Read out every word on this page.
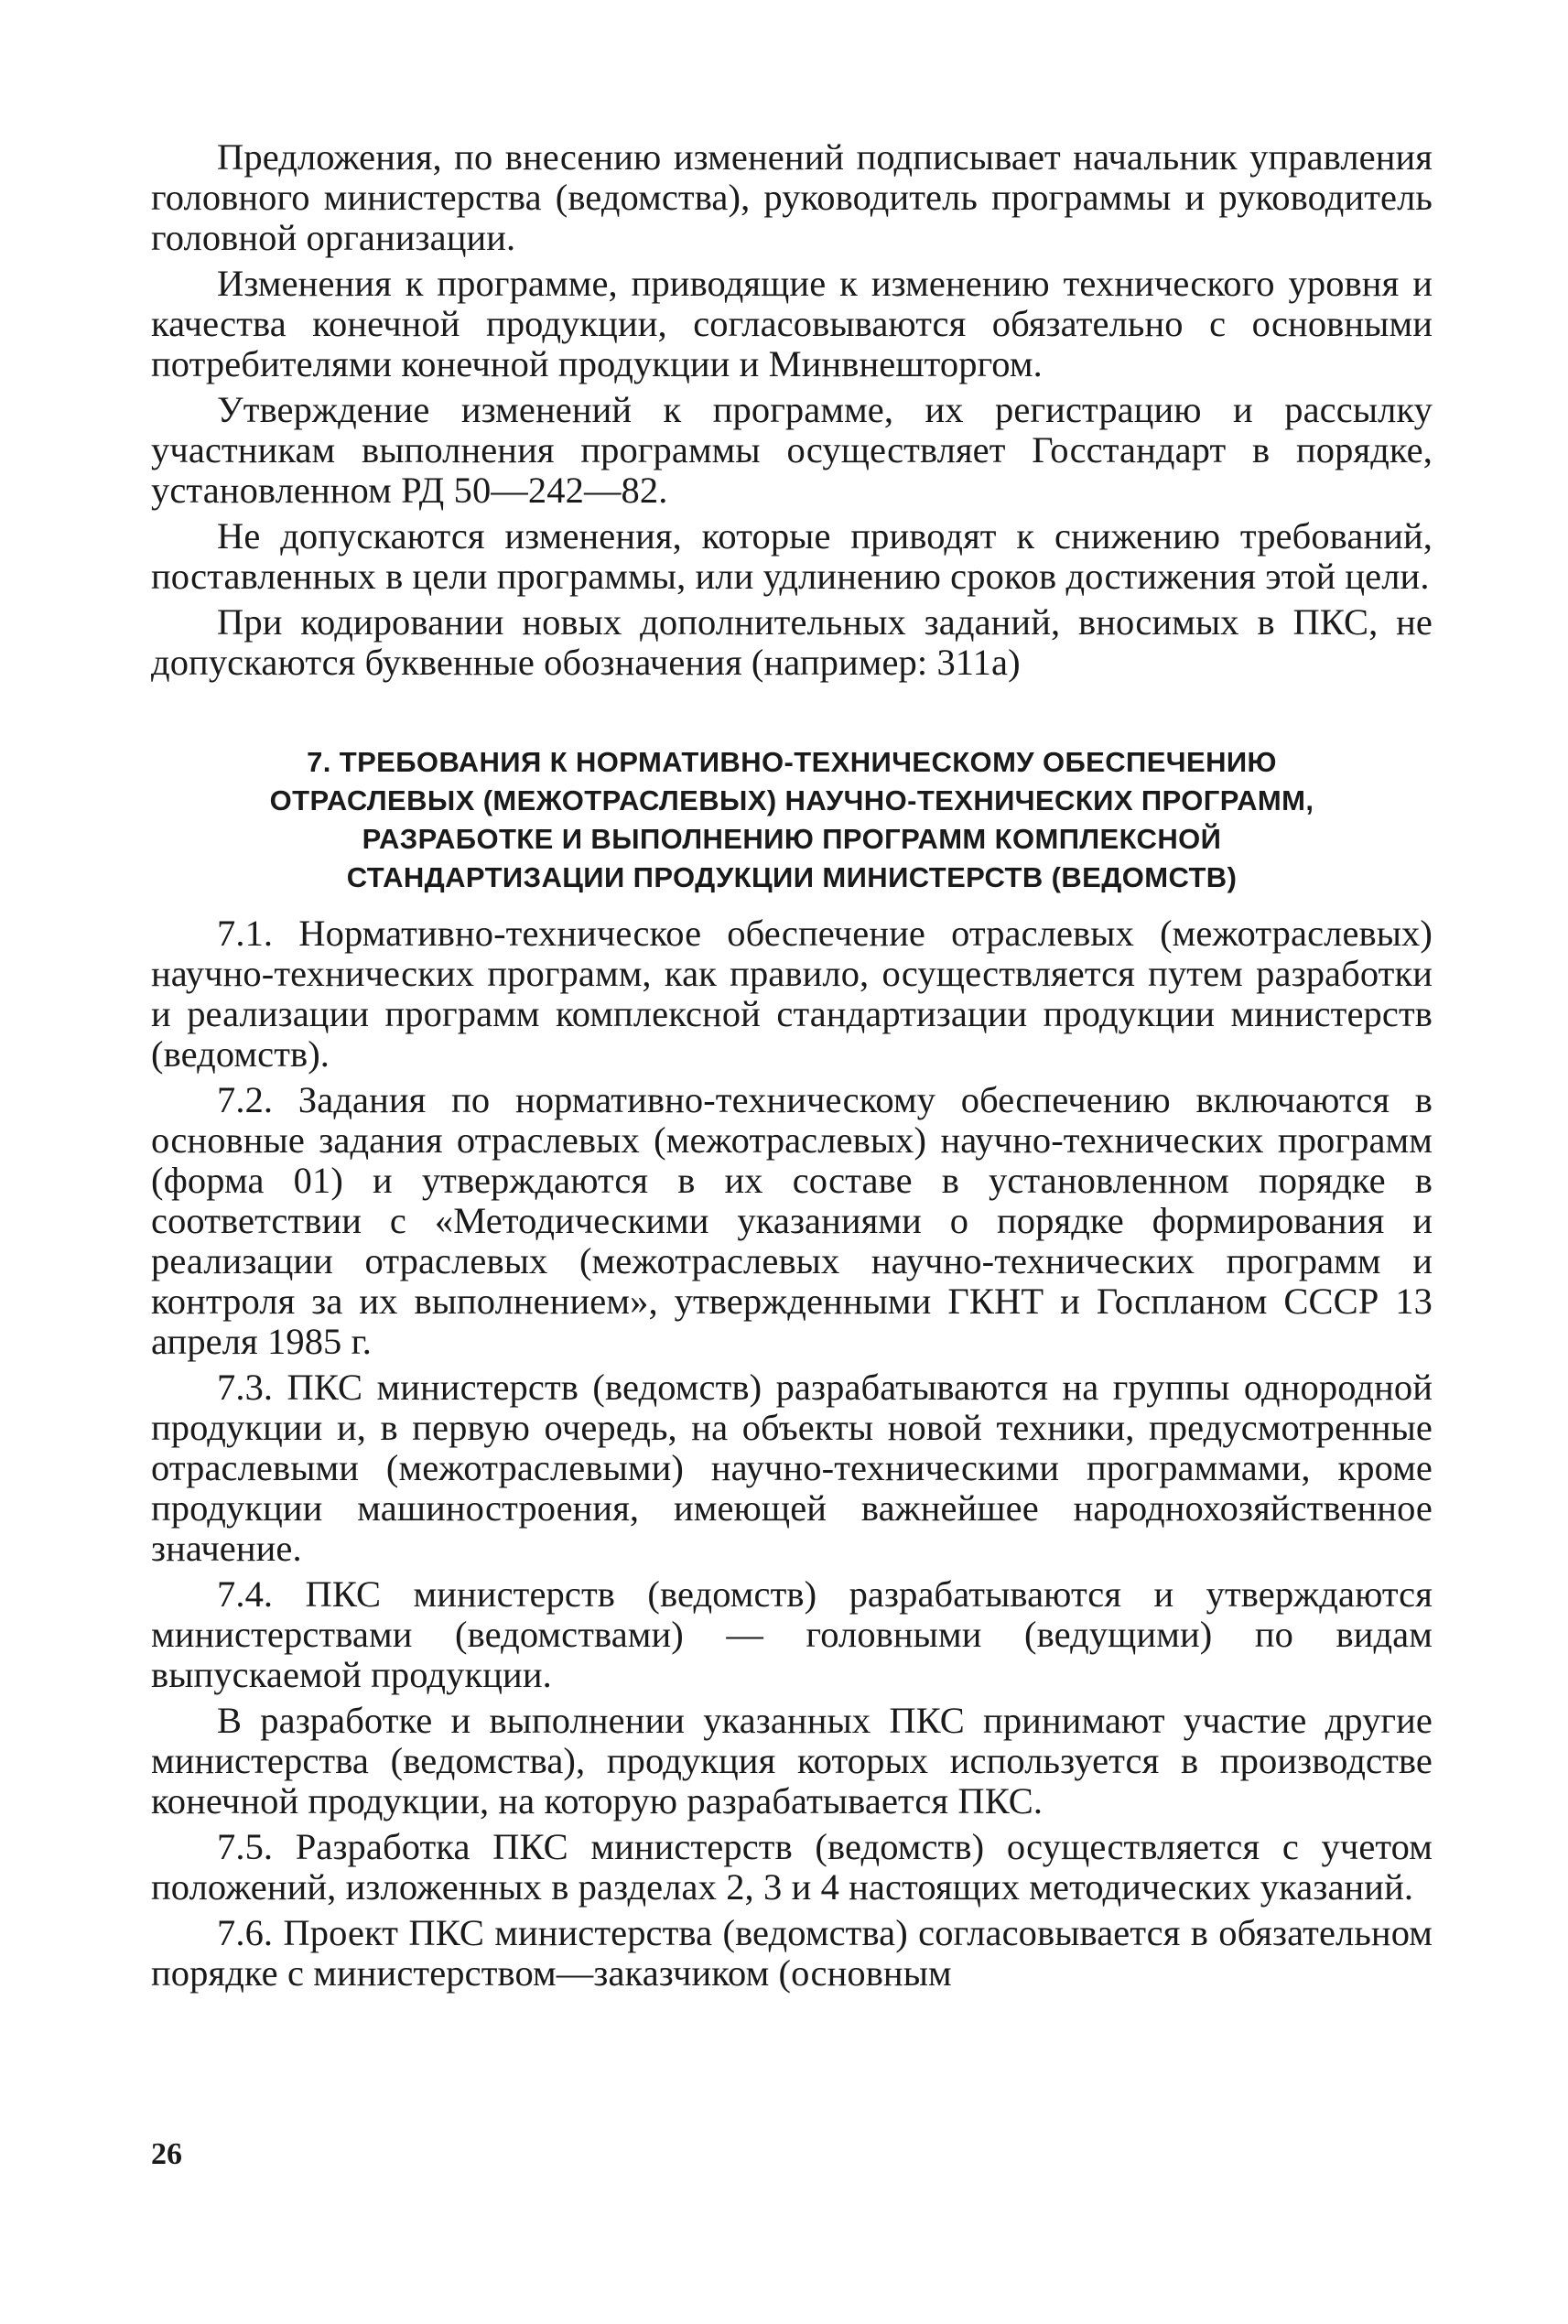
Предложения, по внесению изменений подписывает начальник управления головного министерства (ведомства), руководитель программы и руководитель головной организации.

Изменения к программе, приводящие к изменению технического уровня и качества конечной продукции, согласовываются обязательно с основными потребителями конечной продукции и Минвнешторгом.

Утверждение изменений к программе, их регистрацию и рассылку участникам выполнения программы осуществляет Госстандарт в порядке, установленном РД 50—242—82.

Не допускаются изменения, которые приводят к снижению требований, поставленных в цели программы, или удлинению сроков достижения этой цели.

При кодировании новых дополнительных заданий, вносимых в ПКС, не допускаются буквенные обозначения (например: 311а)

7. ТРЕБОВАНИЯ К НОРМАТИВНО-ТЕХНИЧЕСКОМУ ОБЕСПЕЧЕНИЮ
ОТРАСЛЕВЫХ (МЕЖОТРАСЛЕВЫХ) НАУЧНО-ТЕХНИЧЕСКИХ ПРОГРАММ,
РАЗРАБОТКЕ И ВЫПОЛНЕНИЮ ПРОГРАММ КОМПЛЕКСНОЙ
СТАНДАРТИЗАЦИИ ПРОДУКЦИИ МИНИСТЕРСТВ (ВЕДОМСТВ)

7.1. Нормативно-техническое обеспечение отраслевых (межотраслевых) научно-технических программ, как правило, осуществляется путем разработки и реализации программ комплексной стандартизации продукции министерств (ведомств).

7.2. Задания по нормативно-техническому обеспечению включаются в основные задания отраслевых (межотраслевых) научно-технических программ (форма 01) и утверждаются в их составе в установленном порядке в соответствии с «Методическими указаниями о порядке формирования и реализации отраслевых (межотраслевых научно-технических программ и контроля за их выполнением», утвержденными ГКНТ и Госпланом СССР 13 апреля 1985 г.

7.3. ПКС министерств (ведомств) разрабатываются на группы однородной продукции и, в первую очередь, на объекты новой техники, предусмотренные отраслевыми (межотраслевыми) научно-техническими программами, кроме продукции машиностроения, имеющей важнейшее народнохозяйственное значение.

7.4. ПКС министерств (ведомств) разрабатываются и утверждаются министерствами (ведомствами) — головными (ведущими) по видам выпускаемой продукции.

В разработке и выполнении указанных ПКС принимают участие другие министерства (ведомства), продукция которых используется в производстве конечной продукции, на которую разрабатывается ПКС.

7.5. Разработка ПКС министерств (ведомств) осуществляется с учетом положений, изложенных в разделах 2, 3 и 4 настоящих методических указаний.

7.6. Проект ПКС министерства (ведомства) согласовывается в обязательном порядке с министерством—заказчиком (основным

26
